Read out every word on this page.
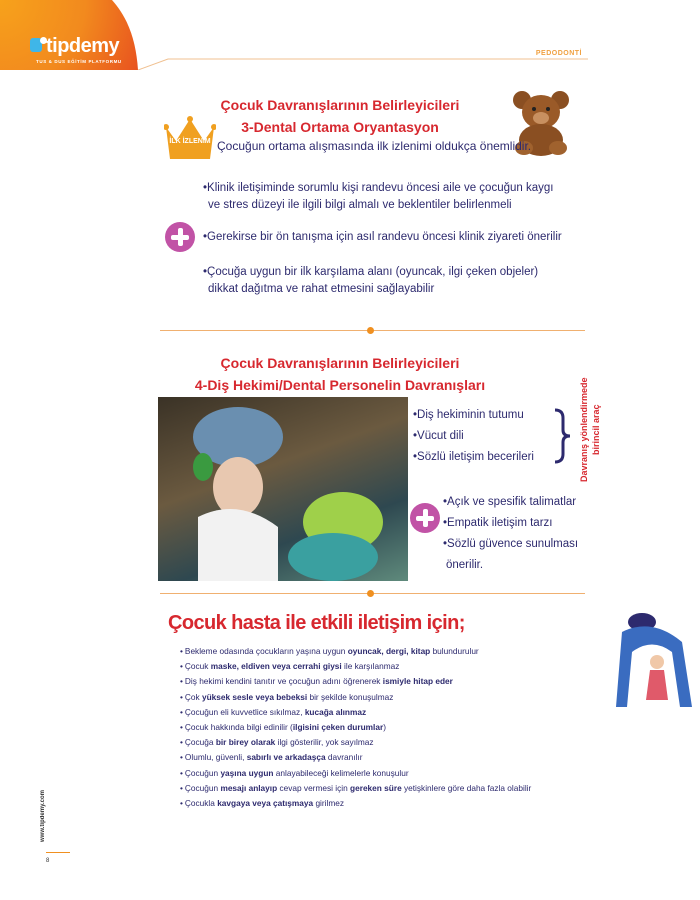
tipdemy
TUS & DUS EĞİTİM PLATFORMU
PEDODONTİ
Çocuk Davranışlarının Belirleyicileri
3-Dental Ortama Oryantasyon
İLK İZLENİM Çocuğun ortama alışmasında ilk izlenimi oldukça önemlidir.
•Klinik iletişiminde sorumlu kişi randevu öncesi aile ve çocuğun kaygı
ve stres düzeyi ile ilgili bilgi almalı ve beklentiler belirlenmeli
•Gerekirse bir ön tanışma için asıl randevu öncesi klinik ziyareti önerilir
•Çocuğa uygun bir ilk karşılama alanı (oyuncak, ilgi çeken objeler)
dikkat dağıtma ve rahat etmesini sağlayabilir
Çocuk Davranışlarının Belirleyicileri
4-Diş Hekimi/Dental Personelin Davranışları
•Diş hekiminin tutumu
•Vücut dili
•Sözlü iletişim becerileri	Davranış yönlendirmede birincil araç
•Açık ve spesifik talimatlar
•Empatik iletişim tarzı
•Sözlü güvence sunulması
önerilir.
Çocuk hasta ile etkili iletişim için;
• Bekleme odasında çocukların yaşına uygun oyuncak, dergi, kitap bulundurulur
• Çocuk maske, eldiven veya cerrahi giysi ile karşılanmaz
• Diş hekimi kendini tanıtır ve çocuğun adını öğrenerek ismiyle hitap eder
• Çok yüksek sesle veya bebeksi bir şekilde konuşulmaz
• Çocuğun eli kuvvetlice sıkılmaz, kucağa alınmaz
• Çocuk hakkında bilgi edinilir (ilgisini çeken durumlar)
• Çocuğa bir birey olarak ilgi gösterilir, yok sayılmaz
• Olumlu, güvenli, sabırlı ve arkadaşça davranılır
• Çocuğun yaşına uygun anlayabileceği kelimelerle konuşulur
• Çocuğun mesajı anlayıp cevap vermesi için gereken süre yetişkinlere göre daha fazla olabilir
• Çocukla kavgaya veya çatışmaya girilmez
www.tipdemy.com
8
